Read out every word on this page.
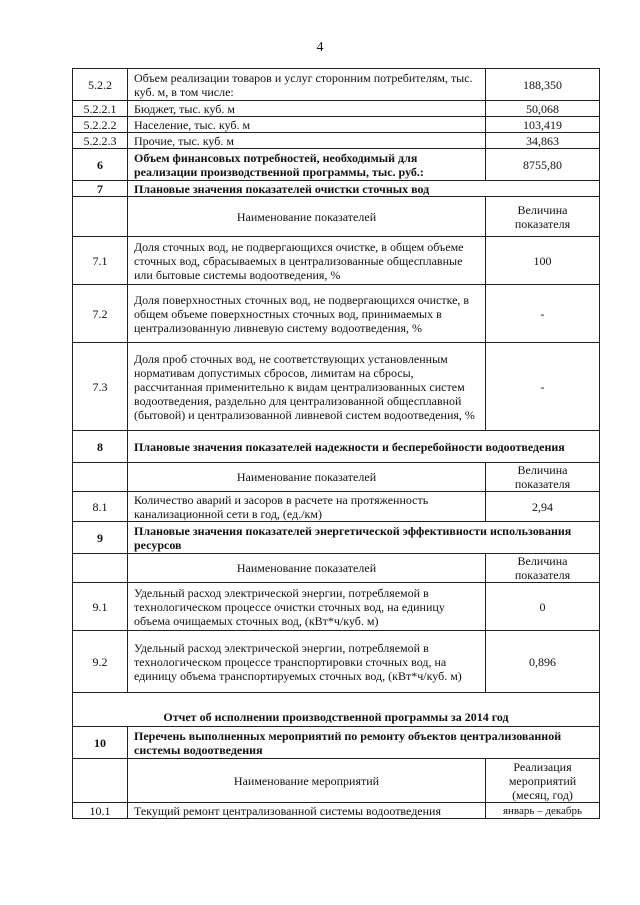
4
5.2.2	Объем реализации товаров и услуг сторонним потребителям, тыс. куб. м, в том числе:	188,350
5.2.2.1	Бюджет, тыс. куб. м	50,068
5.2.2.2	Население, тыс. куб. м	103,419
5.2.2.3	Прочие, тыс. куб. м	34,863
6	Объем финансовых потребностей, необходимый для реализации производственной программы, тыс. руб.:	8755,80
7	Плановые значения показателей очистки сточных вод	
	Наименование показателей	Величина показателя
7.1	Доля сточных вод, не подвергающихся очистке, в общем объеме сточных вод, сбрасываемых в централизованные общесплавные или бытовые системы водоотведения, %	100
7.2	Доля поверхностных сточных вод, не подвергающихся очистке, в общем объеме поверхностных сточных вод, принимаемых в централизованную ливневую систему водоотведения, %	-
7.3	Доля проб сточных вод, не соответствующих установленным нормативам допустимых сбросов, лимитам на сбросы, рассчитанная применительно к видам централизованных систем водоотведения, раздельно для централизованной общесплавной (бытовой) и централизованной ливневой систем водоотведения, %	-
8	Плановые значения показателей надежности и бесперебойности водоотведения	
	Наименование показателей	Величина показателя
8.1	Количество аварий и засоров в расчете на протяженность канализационной сети в год, (ед./км)	2,94
9	Плановые значения показателей энергетической эффективности использования ресурсов	
	Наименование показателей	Величина показателя
9.1	Удельный расход электрической энергии, потребляемой в технологическом процессе очистки сточных вод, на единицу объема очищаемых сточных вод, (кВт*ч/куб. м)	0
9.2	Удельный расход электрической энергии, потребляемой в технологическом процессе транспортировки сточных вод, на единицу объема транспортируемых сточных вод, (кВт*ч/куб. м)	0,896
Отчет об исполнении производственной программы за 2014 год		
10	Перечень выполненных мероприятий по ремонту объектов централизованной системы водоотведения	
	Наименование мероприятий	Реализация мероприятий (месяц, год)
10.1	Текущий ремонт централизованной системы водоотведения	январь – декабрь
